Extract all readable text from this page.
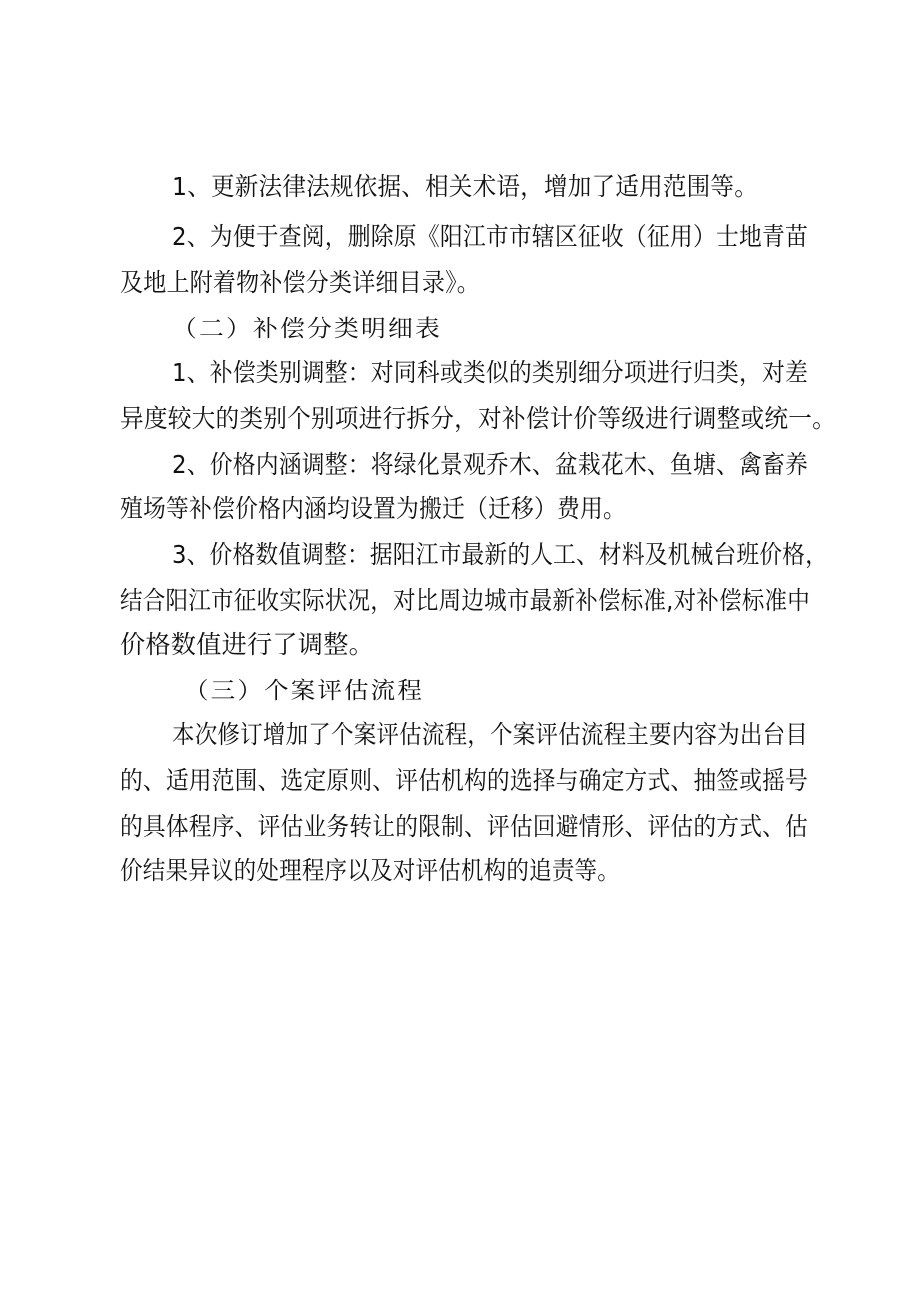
1、更新法律法规依据、相关术语，增加了适用范围等。
2、为便于查阅，删除原《阳江市市辖区征收（征用）士地青苗
及地上附着物补偿分类详细目录》。
（二）补偿分类明细表
1、补偿类别调整：对同科或类似的类别细分项进行归类，对差
异度较大的类别个别项进行拆分，对补偿计价等级进行调整或统一。
2、价格内涵调整：将绿化景观乔木、盆栽花木、鱼塘、禽畜养
殖场等补偿价格内涵均设置为搬迁（迁移）费用。
3、价格数值调整：据阳江市最新的人工、材料及机械台班价格，
结合阳江市征收实际状况，对比周边城市最新补偿标准,对补偿标准中
价格数值进行了调整。
（三）个案评估流程
本次修订增加了个案评估流程，个案评估流程主要内容为出台目
的、适用范围、选定原则、评估机构的选择与确定方式、抽签或摇号
的具体程序、评估业务转让的限制、评估回避情形、评估的方式、估
价结果异议的处理程序以及对评估机构的追责等。
